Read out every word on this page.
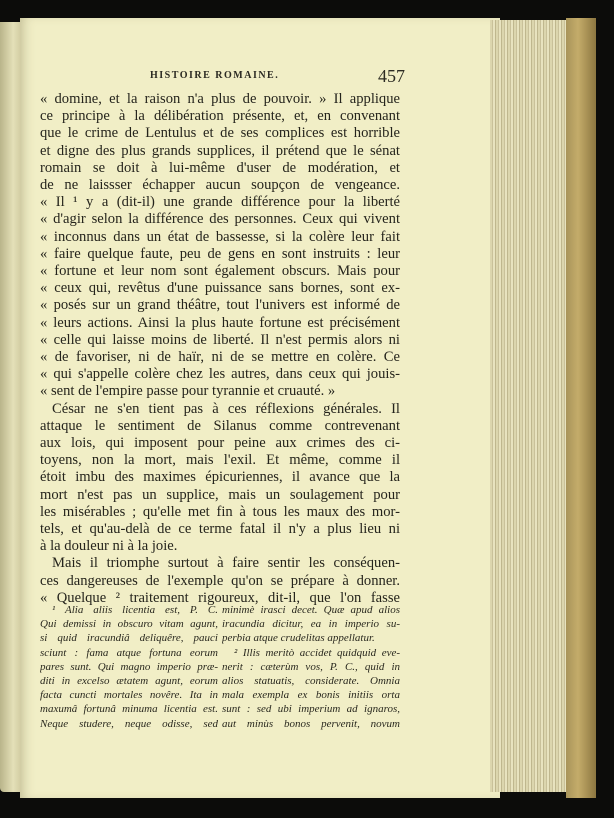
HISTOIRE ROMAINE.	457
« domine, et la raison n'a plus de pouvoir. » Il applique
ce principe à la délibération présente, et, en convenant
que le crime de Lentulus et de ses complices est horrible
et digne des plus grands supplices, il prétend que le sénat
romain se doit à lui-même d'user de modération, et
de ne laissser échapper aucun soupçon de vengeance.
« Il ¹ y a (dit-il) une grande différence pour la liberté
« d'agir selon la différence des personnes. Ceux qui vivent
« inconnus dans un état de bassesse, si la colère leur fait
« faire quelque faute, peu de gens en sont instruits : leur
« fortune et leur nom sont également obscurs. Mais pour
« ceux qui, revêtus d'une puissance sans bornes, sont ex-
« posés sur un grand théâtre, tout l'univers est informé de
« leurs actions. Ainsi la plus haute fortune est précisément
« celle qui laisse moins de liberté. Il n'est permis alors ni
« de favoriser, ni de haïr, ni de se mettre en colère. Ce
« qui s'appelle colère chez les autres, dans ceux qui jouis-
« sent de l'empire passe pour tyrannie et cruauté. »
César ne s'en tient pas à ces réflexions générales. Il
attaque le sentiment de Silanus comme contrevenant
aux lois, qui imposent pour peine aux crimes des ci-
toyens, non la mort, mais l'exil. Et même, comme il
étoit imbu des maximes épicuriennes, il avance que la
mort n'est pas un supplice, mais un soulagement pour
les misérables ; qu'elle met fin à tous les maux des mor-
tels, et qu'au-delà de ce terme fatal il n'y a plus lieu ni
à la douleur ni à la joie.
Mais il triomphe surtout à faire sentir les conséquen-
ces dangereuses de l'exemple qu'on se prépare à donner.
« Quelque ² traitement rigoureux, dit-il, que l'on fasse
¹ Alia aliis licentia est, P. C.
Qui demissi in obscuro vitam agunt,
si quid iracundiâ deliquêre, pauci
sciunt : fama atque fortuna eorum
pares sunt. Qui magno imperio præ-
diti in excelso ætatem agunt, eorum
facta cuncti mortales novêre. Ita in
maxumâ fortunâ minuma licentia est.
Neque studere, neque odisse, sed
minimè irasci decet. Quæ apud alios
iracundia dicitur, ea in imperio su-
perbia atque crudelitas appellatur.
² Illis meritò accidet quidquid eve-
nerit : cæterùm vos, P. C., quid in
alios statuatis, considerate. Omnia
mala exempla ex bonis initiis orta
sunt : sed ubi imperium ad ignaros,
aut minùs bonos pervenit, novum
